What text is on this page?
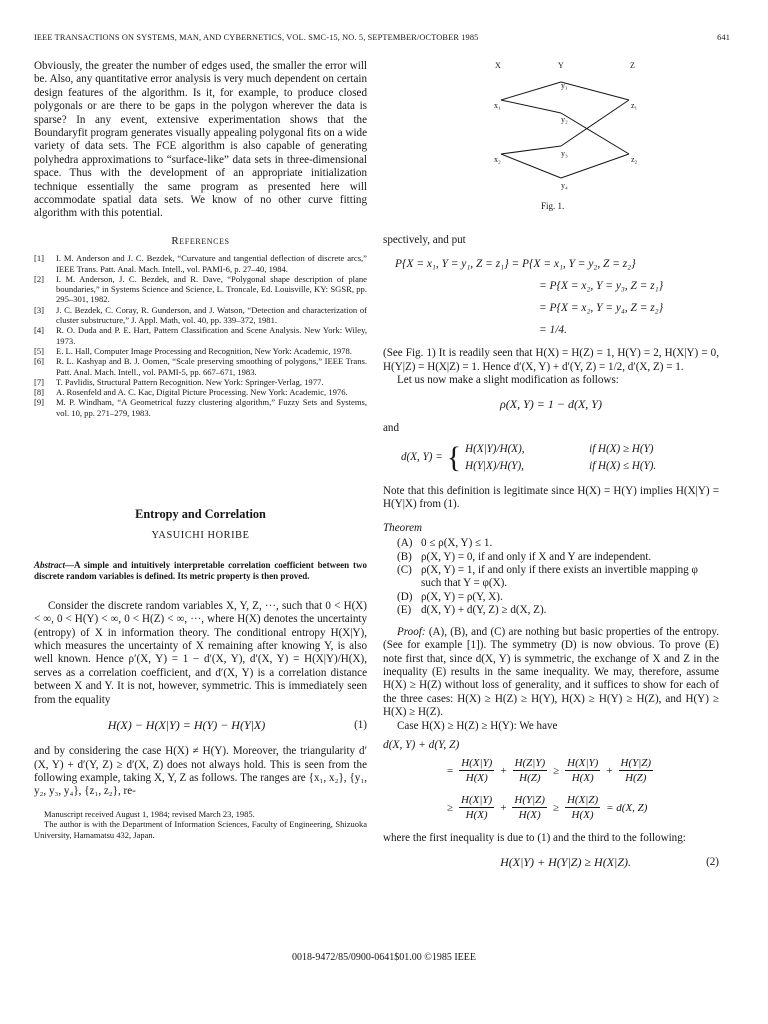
IEEE TRANSACTIONS ON SYSTEMS, MAN, AND CYBERNETICS, VOL. SMC-15, NO. 5, SEPTEMBER/OCTOBER 1985	641

Obviously, the greater the number of edges used, the smaller the error will be. Also, any quantitative error analysis is very much dependent on certain design features of the algorithm. Is it, for example, to produce closed polygonals or are there to be gaps in the polygon wherever the data is sparse? In any event, extensive experimentation shows that the Boundaryfit program generates visually appealing polygonal fits on a wide variety of data sets. The FCE algorithm is also capable of generating polyhedra approximations to “surface-like” data sets in three-dimensional space. Thus with the development of an appropriate initialization technique essentially the same program as presented here will accommodate spatial data sets. We know of no other curve fitting algorithm with this potential.

References
[1]	I. M. Anderson and J. C. Bezdek, “Curvature and tangential deflection of discrete arcs,” IEEE Trans. Patt. Anal. Mach. Intell., vol. PAMI-6, p. 27–40, 1984.
[2]	I. M. Anderson, J. C. Bezdek, and R. Dave, “Polygonal shape description of plane boundaries,” in Systems Science and Science, L. Troncale, Ed. Louisville, KY: SGSR, pp. 295–301, 1982.
[3]	J. C. Bezdek, C. Coray, R. Gunderson, and J. Watson, “Detection and characterization of cluster substructure,” J. Appl. Math, vol. 40, pp. 339–372, 1981.
[4]	R. O. Duda and P. E. Hart, Pattern Classification and Scene Analysis. New York: Wiley, 1973.
[5]	E. L. Hall, Computer Image Processing and Recognition, New York: Academic, 1978.
[6]	R. L. Kashyap and B. J. Oomen, “Scale preserving smoothing of polygons,” IEEE Trans. Patt. Anal. Mach. Intell., vol. PAMI-5, pp. 667–671, 1983.
[7]	T. Pavlidis, Structural Pattern Recognition. New York: Springer-Verlag, 1977.
[8]	A. Rosenfeld and A. C. Kac, Digital Picture Processing. New York: Academic, 1976.
[9]	M. P. Windham, “A Geometrical fuzzy clustering algorithm,” Fuzzy Sets and Systems, vol. 10, pp. 271–279, 1983.
Entropy and Correlation
YASUICHI HORIBE

Abstract—A simple and intuitively interpretable correlation coefficient between two discrete random variables is defined. Its metric property is then proved.

Consider the discrete random variables X, Y, Z, ···, such that 0 < H(X) < ∞, 0 < H(Y) < ∞, 0 < H(Z) < ∞, ···, where H(X) denotes the uncertainty (entropy) of X in information theory. The conditional entropy H(X|Y), which measures the uncertainty of X remaining after knowing Y, is also well known. Hence ρ′(X, Y) = 1 − d′(X, Y), d′(X, Y) = H(X|Y)/H(X), serves as a correlation coefficient, and d′(X, Y) is a correlation distance between X and Y. It is not, however, symmetric. This is immediately seen from the equality

H(X) − H(X|Y) = H(Y) − H(Y|X)	(1)

and by considering the case H(X) ≠ H(Y). Moreover, the triangularity d′(X, Y) + d′(Y, Z) ≥ d′(X, Z) does not always hold. This is seen from the following example, taking X, Y, Z as follows. The ranges are {x₁, x₂}, {y₁, y₂, y₃, y₄}, {z₁, z₂}, re-

Manuscript received August 1, 1984; revised March 23, 1985.

The author is with the Department of Information Sciences, Faculty of Engineering, Shizuoka University, Hamamatsu 432, Japan.

X	Y	Z
x₁
x₂
y₁
y₂
y₃
y₄
z₁
z₂
Fig. 1.

spectively, and put

P{X = x₁, Y = y₁, Z = z₁} = P{X = x₁, Y = y₂, Z = z₂}

= P{X = x₂, Y = y₃, Z = z₁}

= P{X = x₂, Y = y₄, Z = z₂}

= 1/4.

(See Fig. 1) It is readily seen that H(X) = H(Z) = 1, H(Y) = 2, H(X|Y) = 0, H(Y|Z) = H(X|Z) = 1. Hence d′(X, Y) + d′(Y, Z) = 1/2, d′(X, Z) = 1.

Let us now make a slight modification as follows:

ρ(X, Y) = 1 − d(X, Y)

and

d(X, Y) = { H(X|Y)/H(X),	if H(X) ≥ H(Y)
H(Y|X)/H(Y),	if H(X) ≤ H(Y).

Note that this definition is legitimate since H(X) = H(Y) implies H(X|Y) = H(Y|X) from (1).

Theorem

(A) 0 ≤ ρ(X, Y) ≤ 1.
(B) ρ(X, Y) = 0, if and only if X and Y are independent.
(C) ρ(X, Y) = 1, if and only if there exists an invertible mapping φ such that Y = φ(X).
(D) ρ(X, Y) = ρ(Y, X).
(E) d(X, Y) + d(Y, Z) ≥ d(X, Z).

Proof: (A), (B), and (C) are nothing but basic properties of the entropy. (See for example [1]). The symmetry (D) is now obvious. To prove (E) note first that, since d(X, Y) is symmetric, the exchange of X and Z in the inequality (E) results in the same inequality. We may, therefore, assume H(X) ≥ H(Z) without loss of generality, and it suffices to show for each of the three cases: H(X) ≥ H(Z) ≥ H(Y), H(X) ≥ H(Y) ≥ H(Z), and H(Y) ≥ H(X) ≥ H(Z).

Case H(X) ≥ H(Z) ≥ H(Y): We have

d(X, Y) + d(Y, Z)

= $\frac{H(X|Y)}{H(X)} + \frac{H(Z|Y)}{H(Z)} \ge \frac{H(X|Y)}{H(X)} + \frac{H(Y|Z)}{H(Z)}$
≥ $\frac{H(X|Y)}{H(X)} + \frac{H(Y|Z)}{H(X)} \ge \frac{H(X|Z)}{H(X)} = d(X$, Z)

where the first inequality is due to (1) and the third to the following:

H(X|Y) + H(Y|Z) ≥ H(X|Z).	(2)
0018-9472/85/0900-0641$01.00 ©1985 IEEE
